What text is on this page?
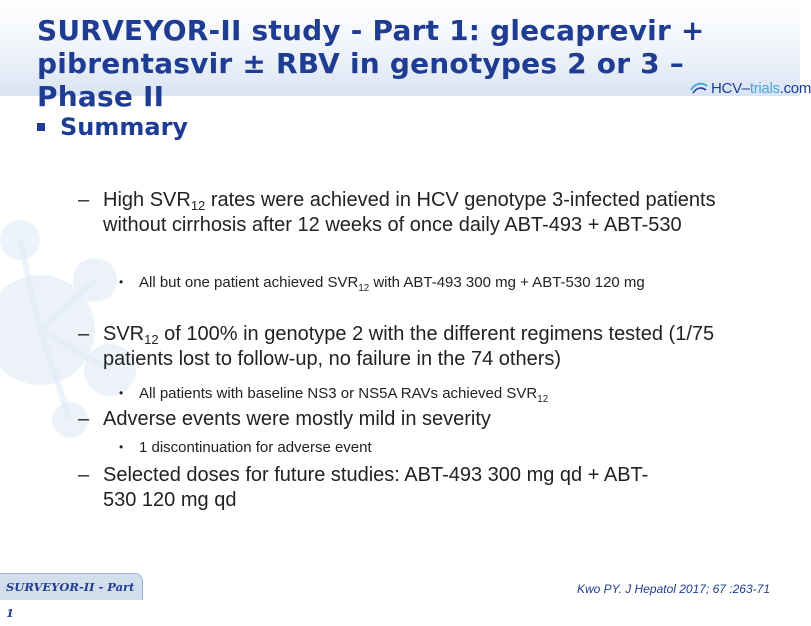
SURVEYOR-II study - Part 1: glecaprevir + pibrentasvir ± RBV in genotypes 2 or 3 – Phase II	HCV – trials .com
Summary
– High $SVR_{12}$ rates were achieved in HCV genotype 3-infected patients without cirrhosis after 12 weeks of once daily ABT-493 + ABT-530
• All but one patient achieved $SVR_{12}$ with ABT-493 300 mg + ABT-530 120 mg
– $SVR_{12}$ of 100% in genotype 2 with the different regimens tested (1/75 patients lost to follow-up, no failure in the 74 others)
• All patients with baseline NS3 or NS5A RAVs achieved $SVR_{12}$
– Adverse events were mostly mild in severity
• 1 discontinuation for adverse event
– Selected doses for future studies: ABT-493 300 mg qd + ABT-530 120 mg qd
SURVEYOR-II - Part 1
Kwo PY. J Hepatol 2017; 67 :263-71
